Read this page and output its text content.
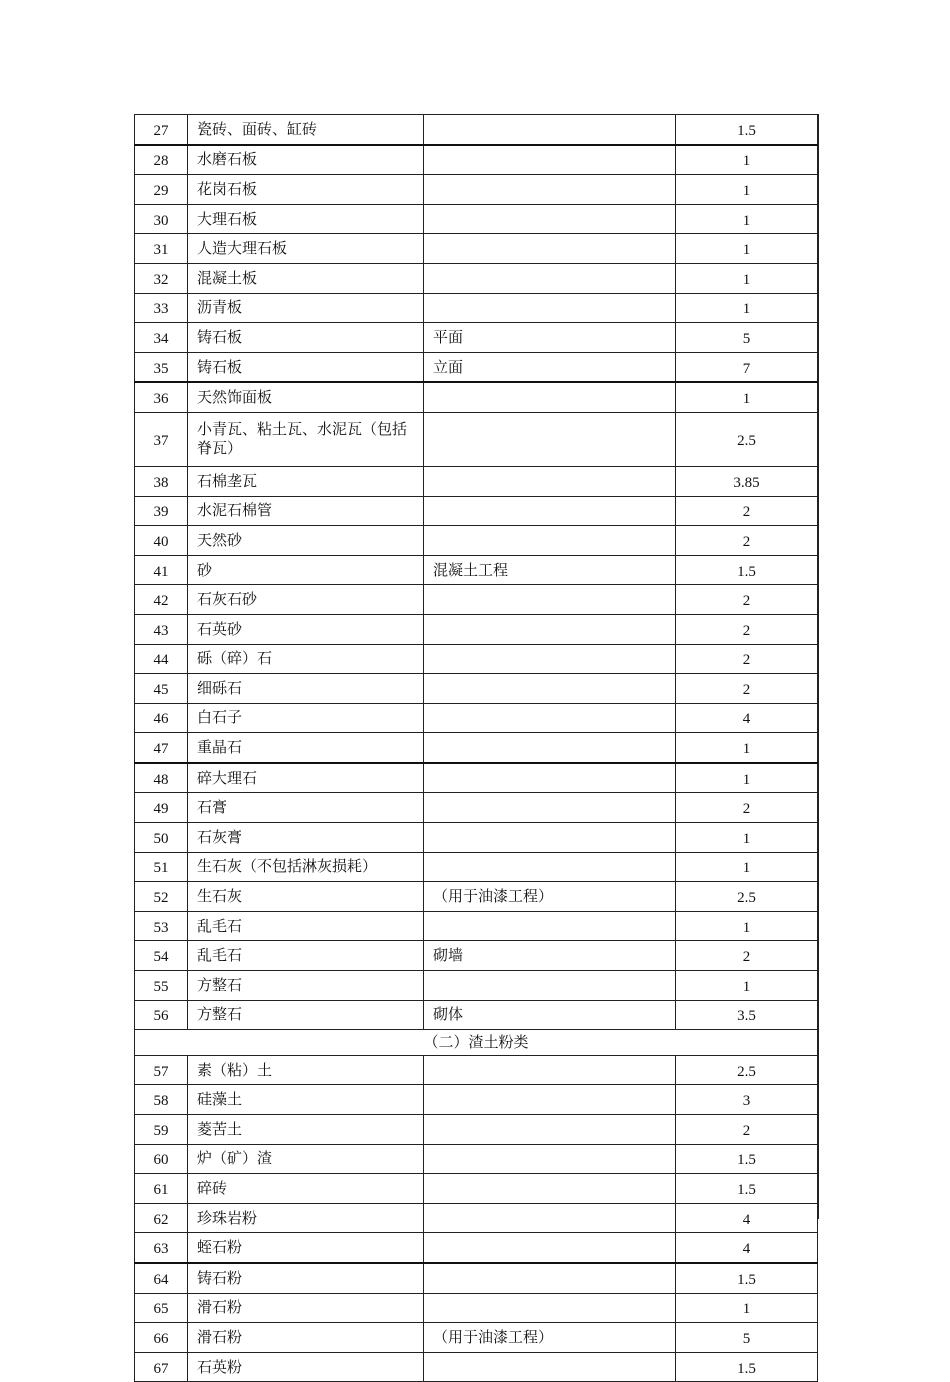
27	瓷砖、面砖、缸砖		1.5
28	水磨石板		1
29	花岗石板		1
30	大理石板		1
31	人造大理石板		1
32	混凝土板		1
33	沥青板		1
34	铸石板	平面	5
35	铸石板	立面	7
36	天然饰面板		1
37	小青瓦、粘土瓦、水泥瓦（包括脊瓦）		2.5
38	石棉垄瓦		3.85
39	水泥石棉管		2
40	天然砂		2
41	砂	混凝土工程	1.5
42	石灰石砂		2
43	石英砂		2
44	砾（碎）石		2
45	细砾石		2
46	白石子		4
47	重晶石		1
48	碎大理石		1
49	石膏		2
50	石灰膏		1
51	生石灰（不包括淋灰损耗）		1
52	生石灰	（用于油漆工程）	2.5
53	乱毛石		1
54	乱毛石	砌墙	2
55	方整石		1
56	方整石	砌体	3.5
（二）渣土粉类			
57	素（粘）土		2.5
58	硅藻土		3
59	菱苦土		2
60	炉（矿）渣		1.5
61	碎砖		1.5
62	珍珠岩粉		4
63	蛭石粉		4
64	铸石粉		1.5
65	滑石粉		1
66	滑石粉	（用于油漆工程）	5
67	石英粉		1.5
